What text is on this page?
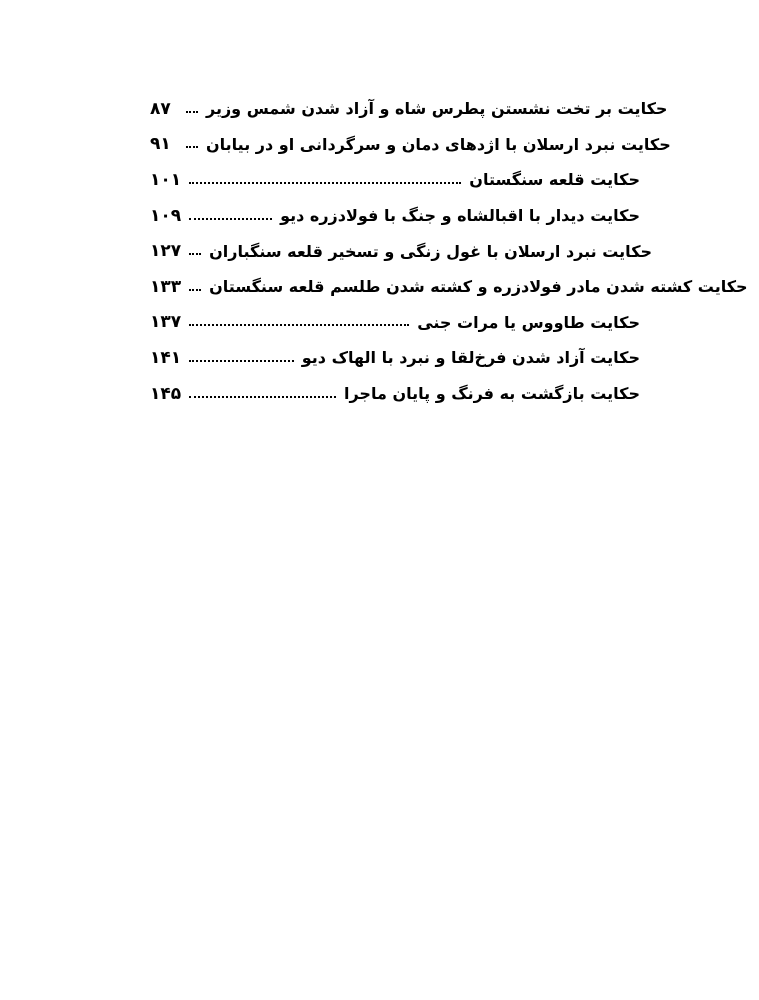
۸۷	حکایت بر تخت نشستن پطرس شاه و آزاد شدن شمس وزیر
۹۱	حکایت نبرد ارسلان با اژدهای دمان و سرگردانی او در بیابان
۱۰۱	حکایت قلعه سنگستان
۱۰۹	حکایت دیدار با اقبالشاه و جنگ با فولادزره دیو
۱۲۷ حکایت نبرد ارسلان با غول زنگی و تسخیر قلعه سنگباران
۱۳۳ حکایت کشته شدن مادر فولادزره و کشته شدن طلسم قلعه سنگستان
۱۳۷	حکایت طاووس یا مرات جنی
۱۴۱	حکایت آزاد شدن فرخ‌لقا و نبرد با الهاک دیو
۱۴۵	حکایت بازگشت به فرنگ و پایان ماجرا
